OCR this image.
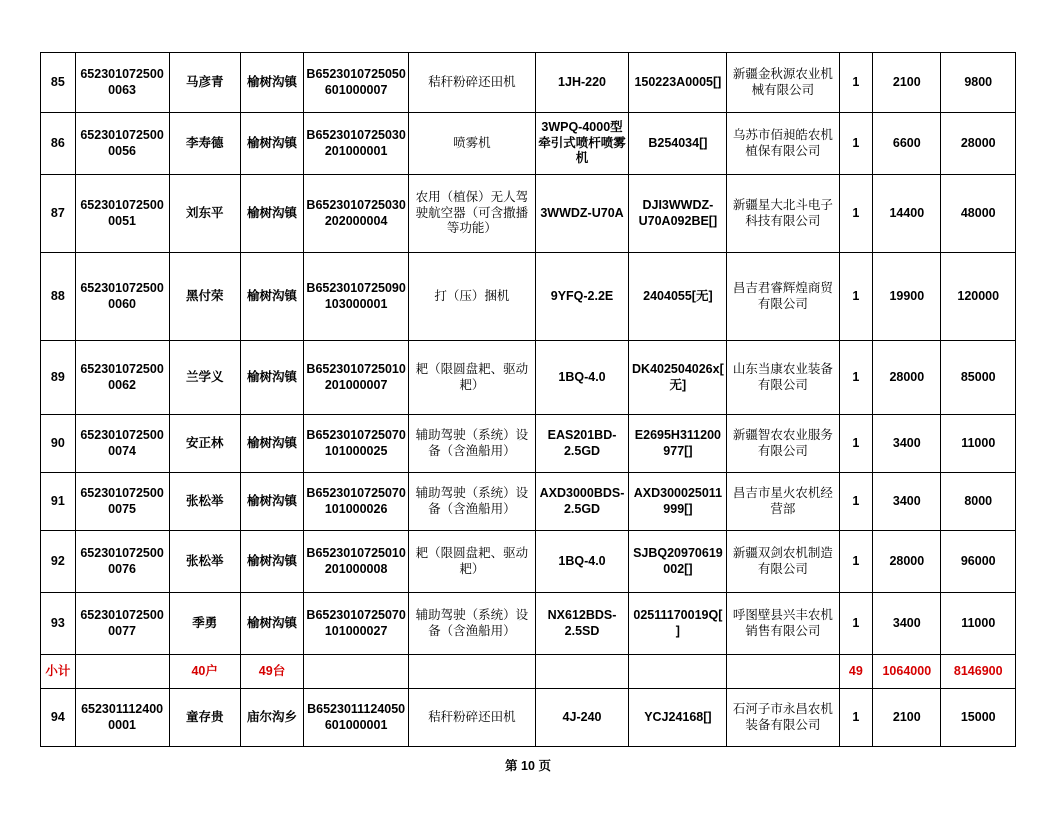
85	6523010725000063	马彦青	榆树沟镇	B6523010725050601000007	秸秆粉碎还田机	1JH-220	150223A0005[]	新疆金秋源农业机械有限公司	1	2100	9800
86	6523010725000056	李寿德	榆树沟镇	B6523010725030201000001	喷雾机	3WPQ-4000型牵引式喷杆喷雾机	B254034[]	乌苏市佰昶皓农机植保有限公司	1	6600	28000
87	6523010725000051	刘东平	榆树沟镇	B6523010725030202000004	农用（植保）无人驾驶航空器（可含撒播等功能）	3WWDZ-U70A	DJI3WWDZ-U70A092BE[]	新疆星大北斗电子科技有限公司	1	14400	48000
88	6523010725000060	黑付荣	榆树沟镇	B6523010725090103000001	打（压）捆机	9YFQ-2.2E	2404055[无]	昌吉君睿辉煌商贸有限公司	1	19900	120000
89	6523010725000062	兰学义	榆树沟镇	B6523010725010201000007	耙（限圆盘耙、驱动耙）	1BQ-4.0	DK402504026x[无]	山东当康农业装备有限公司	1	28000	85000
90	6523010725000074	安正林	榆树沟镇	B6523010725070101000025	辅助驾驶（系统）设备（含渔船用）	EAS201BD-2.5GD	E2695H311200977[]	新疆智农农业服务有限公司	1	3400	11000
91	6523010725000075	张松举	榆树沟镇	B6523010725070101000026	辅助驾驶（系统）设备（含渔船用）	AXD3000BDS-2.5GD	AXD300025011999[]	昌吉市星火农机经营部	1	3400	8000
92	6523010725000076	张松举	榆树沟镇	B6523010725010201000008	耙（限圆盘耙、驱动耙）	1BQ-4.0	SJBQ20970619002[]	新疆双剑农机制造有限公司	1	28000	96000
93	6523010725000077	季勇	榆树沟镇	B6523010725070101000027	辅助驾驶（系统）设备（含渔船用）	NX612BDS-2.5SD	02511170019Q[]	呼图壁县兴丰农机销售有限公司	1	3400	11000
小计		40户	49台						49	1064000	8146900
94	6523011124000001	童存贵	庙尔沟乡	B6523011124050601000001	秸秆粉碎还田机	4J-240	YCJ24168[]	石河子市永昌农机装备有限公司	1	2100	15000
第 10 页
